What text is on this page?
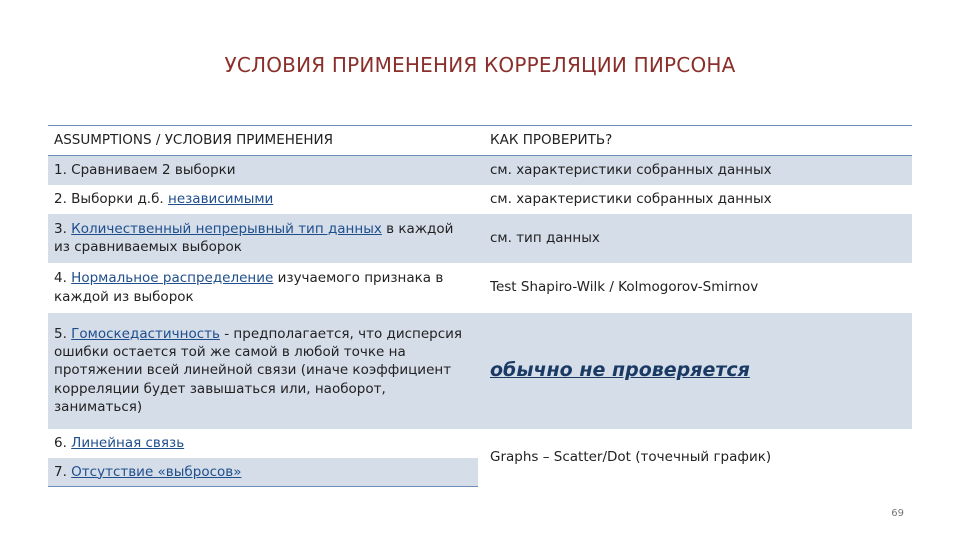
УСЛОВИЯ ПРИМЕНЕНИЯ КОРРЕЛЯЦИИ ПИРСОНА
ASSUMPTIONS / УСЛОВИЯ ПРИМЕНЕНИЯ	КАК ПРОВЕРИТЬ?
1. Сравниваем 2 выборки	см. характеристики собранных данных
2. Выборки д.б. независимыми	см. характеристики собранных данных
3. Количественный непрерывный тип данных в каждой из сравниваемых выборок	см. тип данных
4. Нормальное распределение изучаемого признака в каждой из выборок	Test Shapiro-Wilk / Kolmogorov-Smirnov
5. Гомоскедастичность - предполагается, что дисперсия ошибки остается той же самой в любой точке на протяжении всей линейной связи (иначе коэффициент корреляции будет завышаться или, наоборот, заниматься)	обычно не проверяется
6. Линейная связь	Graphs – Scatter/Dot (точечный график)
7. Отсутствие «выбросов»	
69
